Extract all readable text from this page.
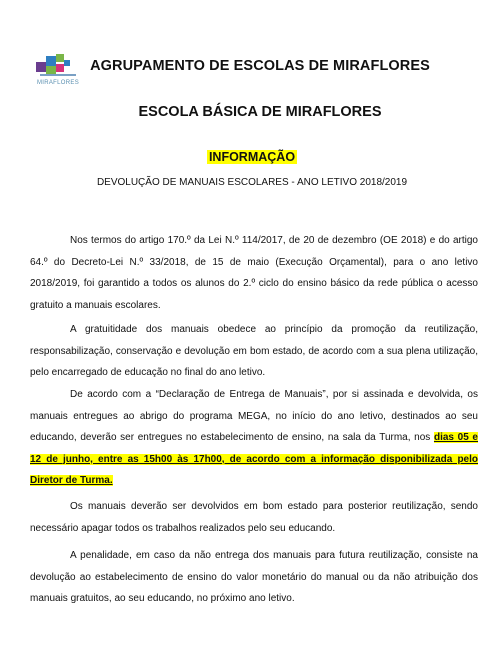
MIRAFLORES
AGRUPAMENTO DE ESCOLAS DE MIRAFLORES
ESCOLA BÁSICA DE MIRAFLORES
INFORMAÇÃO
DEVOLUÇÃO DE MANUAIS ESCOLARES - ANO LETIVO 2018/2019
Nos termos do artigo 170.º da Lei N.º 114/2017, de 20 de dezembro (OE 2018) e do artigo 64.º do Decreto-Lei N.º 33/2018, de 15 de maio (Execução Orçamental), para o ano letivo 2018/2019, foi garantido a todos os alunos do 2.º ciclo do ensino básico da rede pública o acesso gratuito a manuais escolares.
A gratuitidade dos manuais obedece ao princípio da promoção da reutilização, responsabilização, conservação e devolução em bom estado, de acordo com a sua plena utilização, pelo encarregado de educação no final do ano letivo.
De acordo com a “Declaração de Entrega de Manuais”, por si assinada e devolvida, os manuais entregues ao abrigo do programa MEGA, no início do ano letivo, destinados ao seu educando, deverão ser entregues no estabelecimento de ensino, na sala da Turma, nos dias 05 e 12 de junho, entre as 15h00 às 17h00, de acordo com a informação disponibilizada pelo Diretor de Turma.
Os manuais deverão ser devolvidos em bom estado para posterior reutilização, sendo necessário apagar todos os trabalhos realizados pelo seu educando.
A penalidade, em caso da não entrega dos manuais para futura reutilização, consiste na devolução ao estabelecimento de ensino do valor monetário do manual ou da não atribuição dos manuais gratuitos, ao seu educando, no próximo ano letivo.
